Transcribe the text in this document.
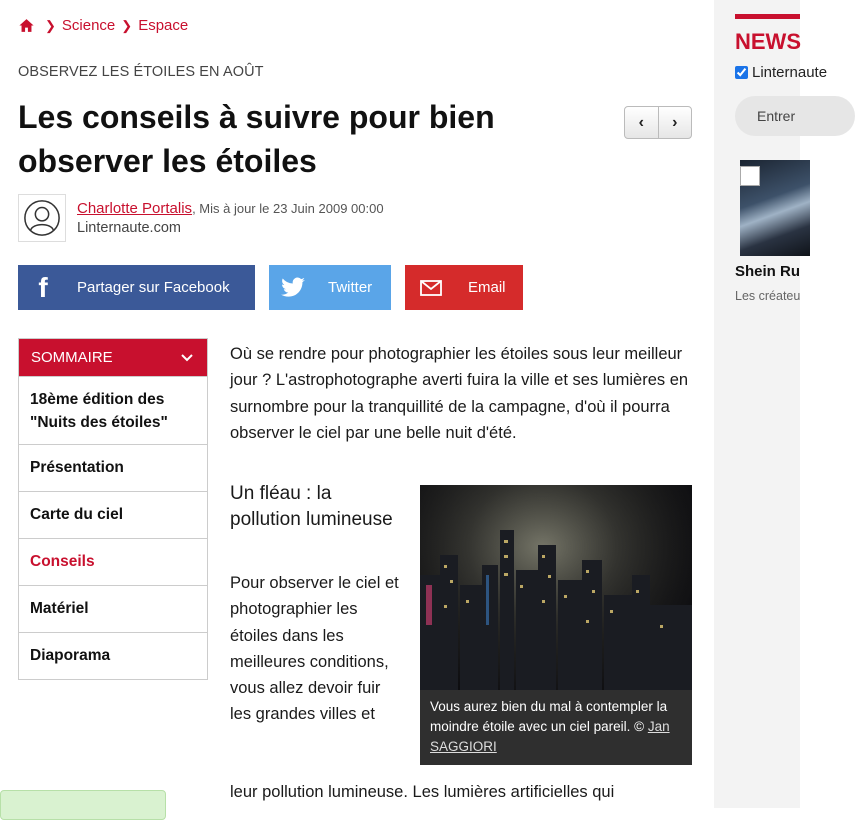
❯ Science ❯ Espace
OBSERVEZ LES ÉTOILES EN AOÛT
Les conseils à suivre pour bien observer les étoiles
‹	›
Charlotte Portalis, Mis à jour le 23 Juin 2009 00:00
Linternaute.com
f	Partager sur Facebook	Twitter	Email
SOMMAIRE
18ème édition des "Nuits des étoiles"
Présentation
Carte du ciel
Conseils
Matériel
Diaporama

Où se rendre pour photographier les étoiles sous leur meilleur jour ? L'astrophotographe averti fuira la ville et ses lumières en surnombre pour la tranquillité de la campagne, d'où il pourra observer le ciel par une belle nuit d'été.

Un fléau : la pollution lumineuse

Pour observer le ciel et photographier les étoiles dans les meilleures conditions, vous allez devoir fuir les grandes villes et	Vous aurez bien du mal à contempler la moindre étoile avec un ciel pareil. © Jan SAGGIORI

leur pollution lumineuse. Les lumières artificielles qui

NEWS
Linternaute
Entrer
Shein Ru
Les créateu
